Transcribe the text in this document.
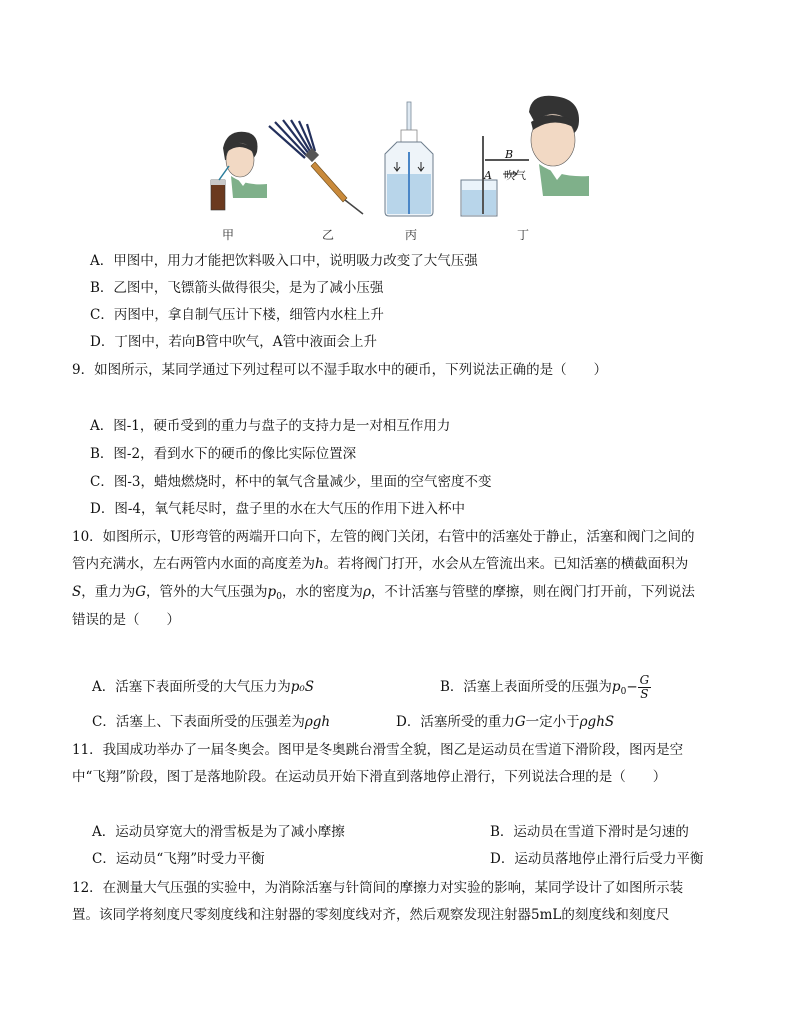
B
A 吹气
甲	乙	丙	丁
A．甲图中，用力才能把饮料吸入口中，说明吸力改变了大气压强
B．乙图中，飞镖箭头做得很尖，是为了减小压强
C．丙图中，拿自制气压计下楼，细管内水柱上升
D．丁图中，若向B管中吹气，A管中液面会上升
9．如图所示，某同学通过下列过程可以不湿手取水中的硬币，下列说法正确的是（　　）
A．图-1，硬币受到的重力与盘子的支持力是一对相互作用力
B．图-2，看到水下的硬币的像比实际位置深
C．图-3，蜡烛燃烧时，杯中的氧气含量减少，里面的空气密度不变
D．图-4，氧气耗尽时，盘子里的水在大气压的作用下进入杯中
10．如图所示，U形弯管的两端开口向下，左管的阀门关闭，右管中的活塞处于静止，活塞和阀门之间的
管内充满水，左右两管内水面的高度差为h。若将阀门打开，水会从左管流出来。已知活塞的横截面积为
S，重力为G，管外的大气压强为$p_0$，水的密度为ρ，不计活塞与管壁的摩擦，则在阀门打开前，下列说法
错误的是（　　）
A．活塞下表面所受的大气压力为p₀S	B．活塞上表面所受的压强为$p_0- \frac{G}{S}$
C．活塞上、下表面所受的压强差为ρgh	D．活塞所受的重力G一定小于ρghS
11．我国成功举办了一届冬奥会。图甲是冬奥跳台滑雪全貌，图乙是运动员在雪道下滑阶段，图丙是空
中“飞翔”阶段，图丁是落地阶段。在运动员开始下滑直到落地停止滑行，下列说法合理的是（　　）
A．运动员穿宽大的滑雪板是为了减小摩擦	B．运动员在雪道下滑时是匀速的
C．运动员“飞翔”时受力平衡	D．运动员落地停止滑行后受力平衡
12．在测量大气压强的实验中，为消除活塞与针筒间的摩擦力对实验的影响，某同学设计了如图所示装
置。该同学将刻度尺零刻度线和注射器的零刻度线对齐，然后观察发现注射器5mL的刻度线和刻度尺
